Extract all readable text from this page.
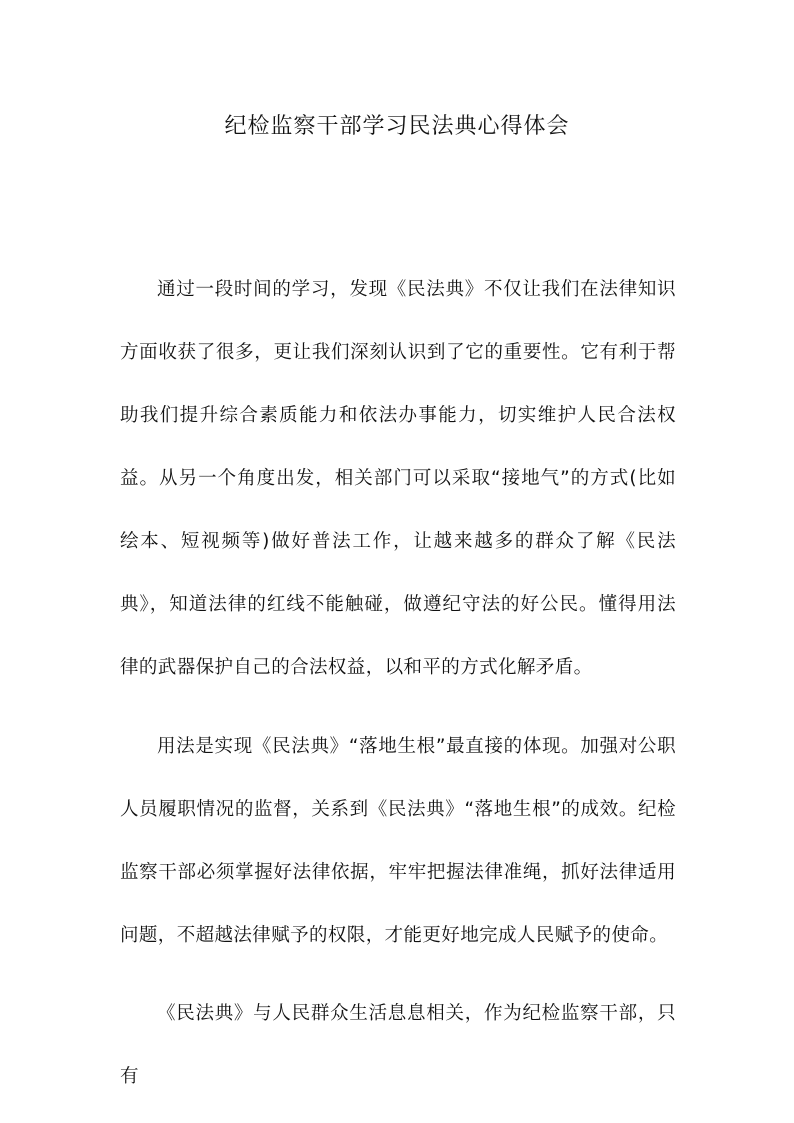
纪检监察干部学习民法典心得体会

通过一段时间的学习，发现《民法典》不仅让我们在法律知识方面收获了很多，更让我们深刻认识到了它的重要性。它有利于帮助我们提升综合素质能力和依法办事能力，切实维护人民合法权益。从另一个角度出发，相关部门可以采取“接地气”的方式(比如绘本、短视频等)做好普法工作，让越来越多的群众了解《民法典》，知道法律的红线不能触碰，做遵纪守法的好公民。懂得用法律的武器保护自己的合法权益，以和平的方式化解矛盾。

用法是实现《民法典》“落地生根”最直接的体现。加强对公职人员履职情况的监督，关系到《民法典》“落地生根”的成效。纪检监察干部必须掌握好法律依据，牢牢把握法律准绳，抓好法律适用问题，不超越法律赋予的权限，才能更好地完成人民赋予的使命。

《民法典》与人民群众生活息息相关，作为纪检监察干部，只有
